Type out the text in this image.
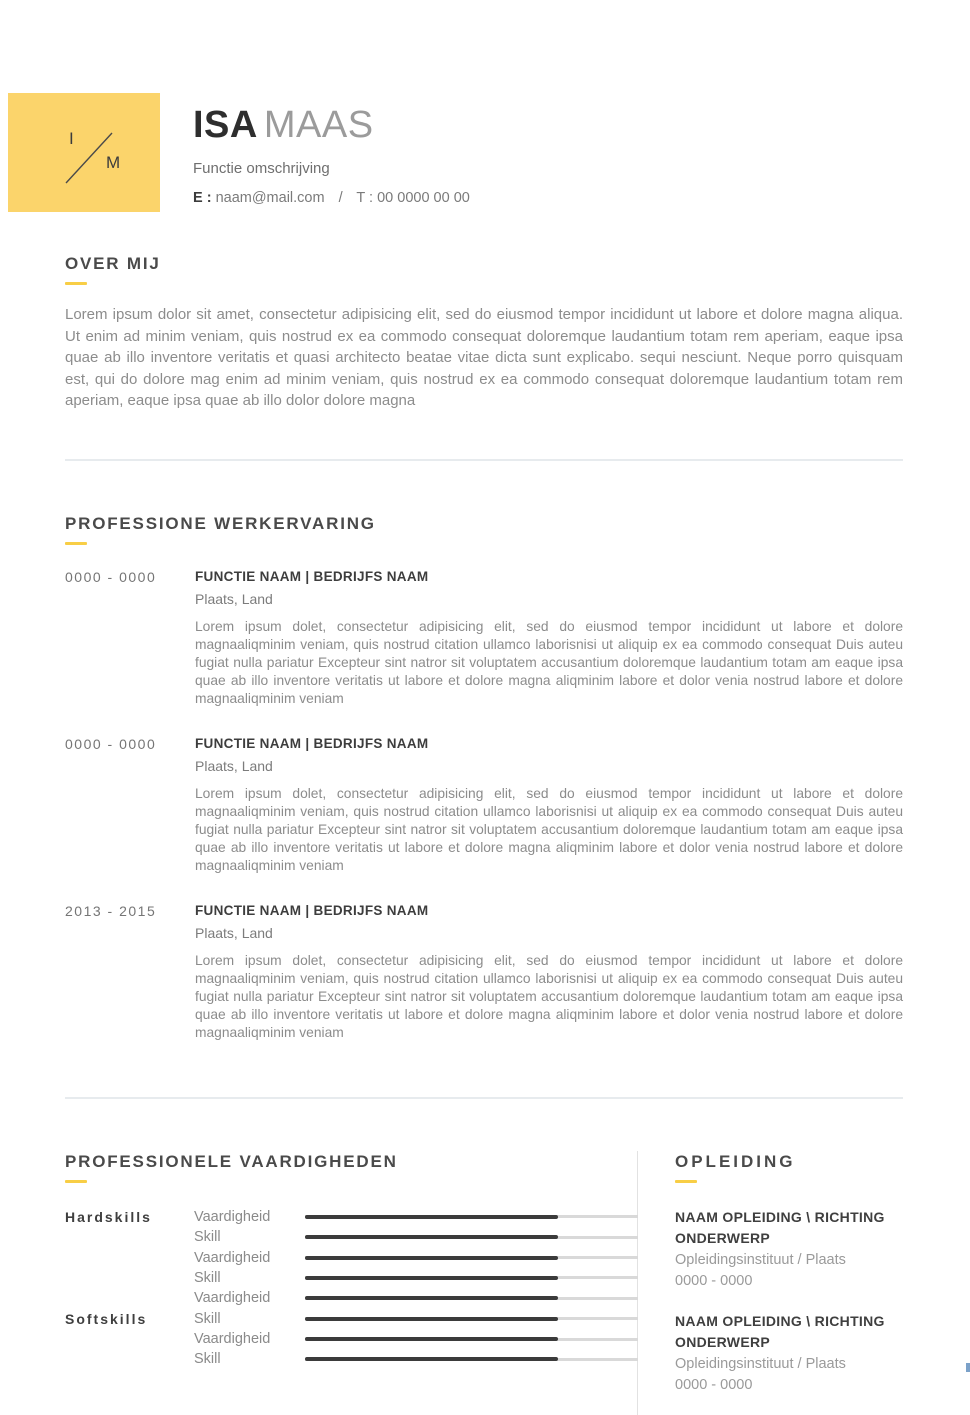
I
M
ISA MAAS
Functie omschrijving
E : naam@mail.com / T : 00 0000 00 00
OVER MIJ

Lorem ipsum dolor sit amet, consectetur adipisicing elit, sed do eiusmod tempor incididunt ut labore et dolore magna aliqua. Ut enim ad minim veniam, quis nostrud ex ea commodo consequat doloremque laudantium totam rem aperiam, eaque ipsa quae ab illo inventore veritatis et quasi architecto beatae vitae dicta sunt explicabo. sequi nesciunt. Neque porro quisquam est, qui do dolore mag enim ad minim veniam, quis nostrud ex ea commodo consequat doloremque laudantium totam rem aperiam, eaque ipsa quae ab illo dolor dolore magna

PROFESSIONE WERKERVARING
0000 - 0000	FUNCTIE NAAM | BEDRIJFS NAAM
Plaats, Land
Lorem ipsum dolet, consectetur adipisicing elit, sed do eiusmod tempor incididunt ut labore et dolore magnaaliqminim veniam, quis nostrud citation ullamco laborisnisi ut aliquip ex ea commodo consequat Duis auteu fugiat nulla pariatur Excepteur sint natror sit voluptatem accusantium doloremque laudantium totam am eaque ipsa quae ab illo inventore veritatis ut labore et dolore magna aliqminim labore et dolor venia nostrud labore et dolore magnaaliqminim veniam
0000 - 0000	FUNCTIE NAAM | BEDRIJFS NAAM
Plaats, Land
Lorem ipsum dolet, consectetur adipisicing elit, sed do eiusmod tempor incididunt ut labore et dolore magnaaliqminim veniam, quis nostrud citation ullamco laborisnisi ut aliquip ex ea commodo consequat Duis auteu fugiat nulla pariatur Excepteur sint natror sit voluptatem accusantium doloremque laudantium totam am eaque ipsa quae ab illo inventore veritatis ut labore et dolore magna aliqminim labore et dolor venia nostrud labore et dolore magnaaliqminim veniam
2013 - 2015	FUNCTIE NAAM | BEDRIJFS NAAM
Plaats, Land
Lorem ipsum dolet, consectetur adipisicing elit, sed do eiusmod tempor incididunt ut labore et dolore magnaaliqminim veniam, quis nostrud citation ullamco laborisnisi ut aliquip ex ea commodo consequat Duis auteu fugiat nulla pariatur Excepteur sint natror sit voluptatem accusantium doloremque laudantium totam am eaque ipsa quae ab illo inventore veritatis ut labore et dolore magna aliqminim labore et dolor venia nostrud labore et dolore magnaaliqminim veniam
PROFESSIONELE VAARDIGHEDEN
Hardskills	Vaardigheid
Skill
Vaardigheid
Skill
Vaardigheid
Softskills	Skill
Vaardigheid
Skill
OPLEIDING
NAAM OPLEIDING \ RICHTING ONDERWERP
Opleidingsinstituut / Plaats
0000 - 0000
NAAM OPLEIDING \ RICHTING ONDERWERP
Opleidingsinstituut / Plaats
0000 - 0000
